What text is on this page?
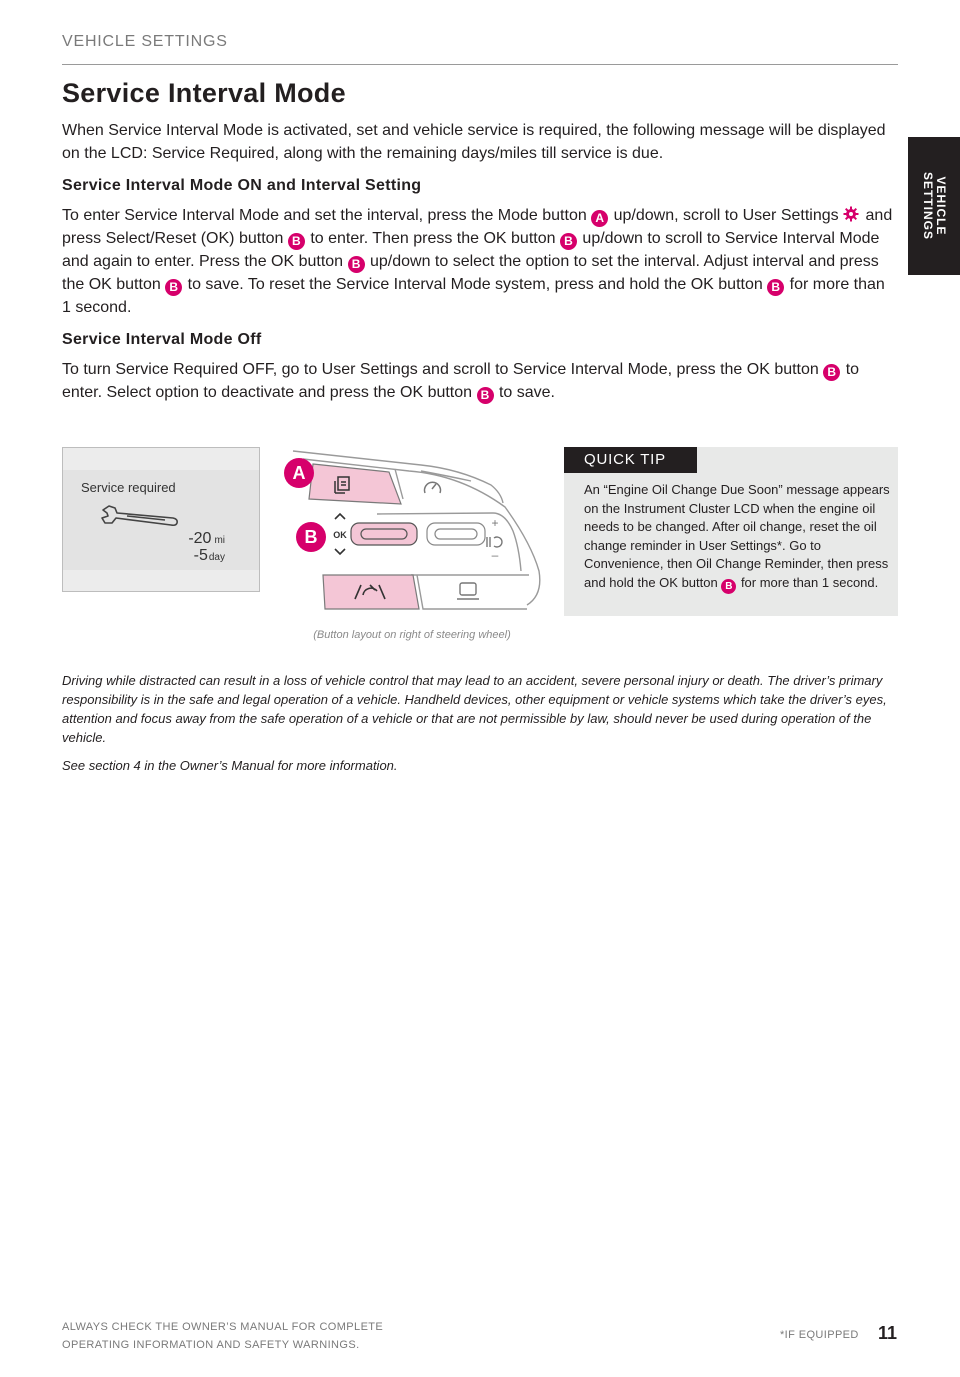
VEHICLE SETTINGS
VEHICLE
SETTINGS
Service Interval Mode

When Service Interval Mode is activated, set and vehicle service is required, the following message will be displayed on the LCD: Service Required, along with the remaining days/miles till service is due.

Service Interval Mode ON and Interval Setting

To enter Service Interval Mode and set the interval, press the Mode button A up/down, scroll to User Settings  and press Select/Reset (OK) button B to enter. Then press the OK button B up/down to scroll to Service Interval Mode and again to enter. Press the OK button B up/down to select the option to set the interval. Adjust interval and press the OK button B to save. To reset the Service Interval Mode system, press and hold the OK button B for more than 1 second.

Service Interval Mode Off

To turn Service Required OFF, go to User Settings and scroll to Service Interval Mode, press the OK button B to enter. Select option to deactivate and press the OK button B to save.

Service required
-20 mi
-5day
OK
+
–
A
B
(Button layout on right of steering wheel)
QUICK TIP
An “Engine Oil Change Due Soon” message appears on the Instrument Cluster LCD when the engine oil needs to be changed. After oil change, reset the oil change reminder in User Settings*. Go to Convenience, then Oil Change Reminder, then press and hold the OK button B for more than 1 second.

Driving while distracted can result in a loss of vehicle control that may lead to an accident, severe personal injury or death. The driver’s primary responsibility is in the safe and legal operation of a vehicle. Handheld devices, other equipment or vehicle systems which take the driver’s eyes, attention and focus away from the safe operation of a vehicle or that are not permissible by law, should never be used during operation of the vehicle.

See section 4 in the Owner’s Manual for more information.

ALWAYS CHECK THE OWNER’S MANUAL FOR COMPLETE
OPERATING INFORMATION AND SAFETY WARNINGS.
*IF EQUIPPED 11
